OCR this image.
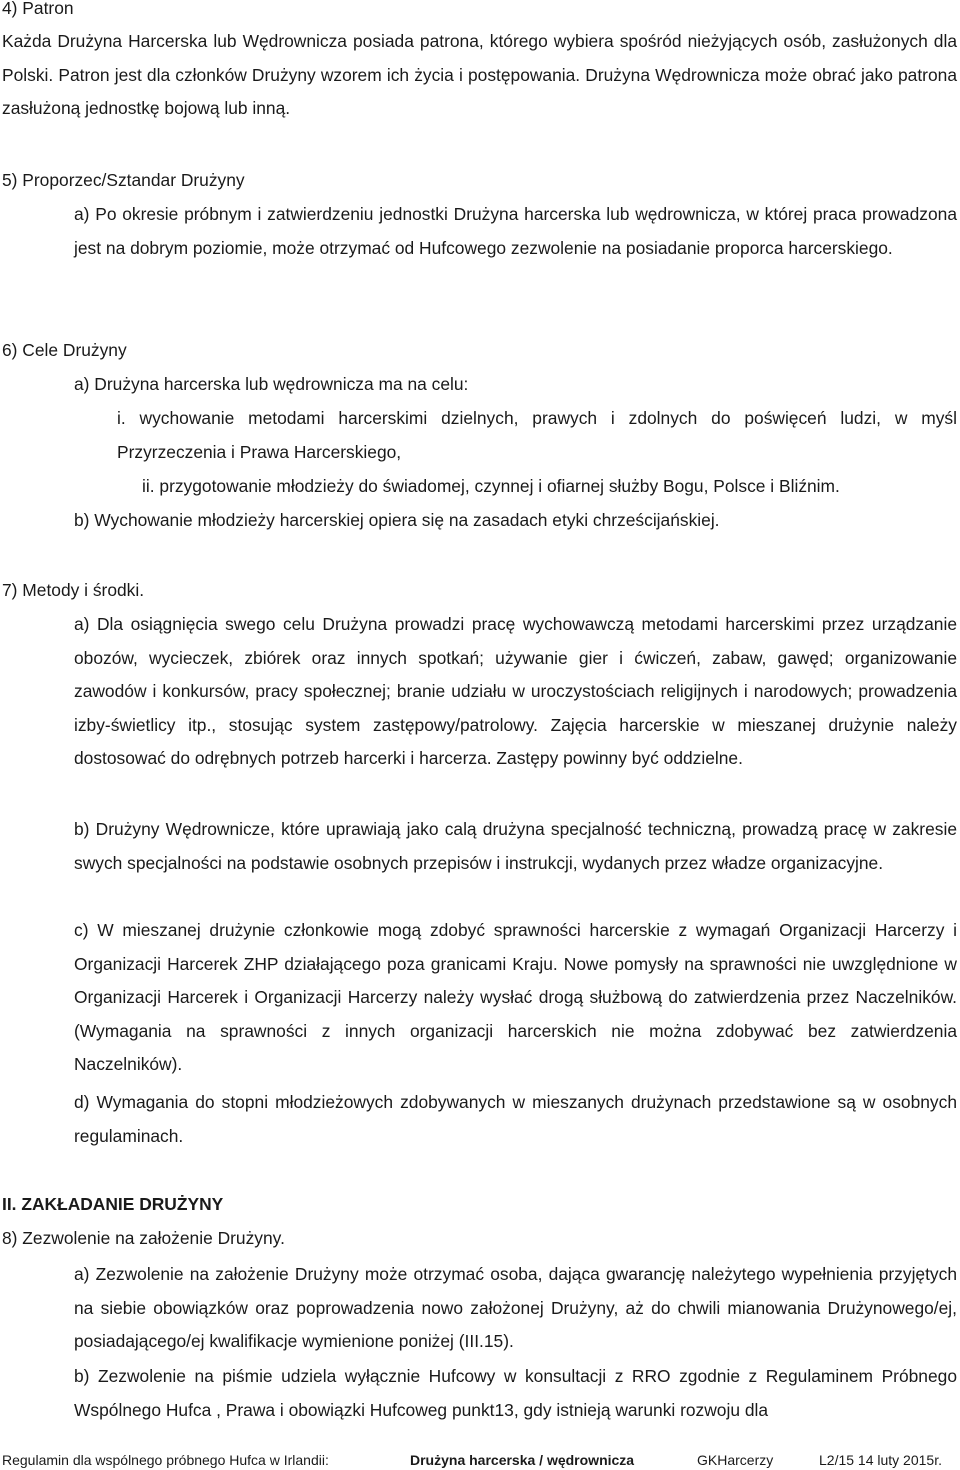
4) Patron

Każda Drużyna Harcerska lub Wędrownicza posiada patrona, którego wybiera spośród nieżyjących osób, zasłużonych dla Polski. Patron jest dla członków Drużyny wzorem ich życia i postępowania. Drużyna Wędrownicza może obrać jako patrona zasłużoną jednostkę bojową lub inną.

5) Proporzec/Sztandar Drużyny

a) Po okresie próbnym i zatwierdzeniu jednostki Drużyna harcerska lub wędrownicza, w której praca prowadzona jest na dobrym poziomie, może otrzymać od Hufcowego zezwolenie na posiadanie proporca harcerskiego.

6) Cele Drużyny
a) Drużyna harcerska lub wędrownicza ma na celu:

i. wychowanie metodami harcerskimi dzielnych, prawych i zdolnych do poświęceń ludzi, w myśl Przyrzeczenia i Prawa Harcerskiego,

ii. przygotowanie młodzieży do świadomej, czynnej i ofiarnej służby Bogu, Polsce i Bliźnim.
b) Wychowanie młodzieży harcerskiej opiera się na zasadach etyki chrześcijańskiej.
7) Metody i środki.

a) Dla osiągnięcia swego celu Drużyna prowadzi pracę wychowawczą metodami harcerskimi przez urządzanie obozów, wycieczek, zbiórek oraz innych spotkań; używanie gier i ćwiczeń, zabaw, gawęd; organizowanie zawodów i konkursów, pracy społecznej; branie udziału w uroczystościach religijnych i narodowych; prowadzenia izby-świetlicy itp., stosując system zastępowy/patrolowy. Zajęcia harcerskie w mieszanej drużynie należy dostosować do odrębnych potrzeb harcerki i harcerza. Zastępy powinny być oddzielne.

b) Drużyny Wędrownicze, które uprawiają jako calą drużyna specjalność techniczną, prowadzą pracę w zakresie swych specjalności na podstawie osobnych przepisów i instrukcji, wydanych przez władze organizacyjne.

c) W mieszanej drużynie członkowie mogą zdobyć sprawności harcerskie z wymagań Organizacji Harcerzy i Organizacji Harcerek ZHP działającego poza granicami Kraju. Nowe pomysły na sprawności nie uwzględnione w Organizacji Harcerek i Organizacji Harcerzy należy wysłać drogą służbową do zatwierdzenia przez Naczelników. (Wymagania na sprawności z innych organizacji harcerskich nie można zdobywać bez zatwierdzenia Naczelników).

d) Wymagania do stopni młodzieżowych zdobywanych w mieszanych drużynach przedstawione są w osobnych regulaminach.

II. ZAKŁADANIE DRUŻYNY
8) Zezwolenie na założenie Drużyny.

a) Zezwolenie na założenie Drużyny może otrzymać osoba, dająca gwarancję należytego wypełnienia przyjętych na siebie obowiązków oraz poprowadzenia nowo założonej Drużyny, aż do chwili mianowania Drużynowego/ej, posiadającego/ej kwalifikacje wymienione poniżej (III.15).

b) Zezwolenie na piśmie udziela wyłącznie Hufcowy w konsultacji z RRO zgodnie z Regulaminem Próbnego Wspólnego Hufca , Prawa i obowiązki Hufcoweg punkt13, gdy istnieją warunki rozwoju dla

Regulamin dla wspólnego próbnego Hufca w Irlandii:	Drużyna harcerska / wędrownicza	GKHarcerzy	L2/15 14 luty 2015r.
